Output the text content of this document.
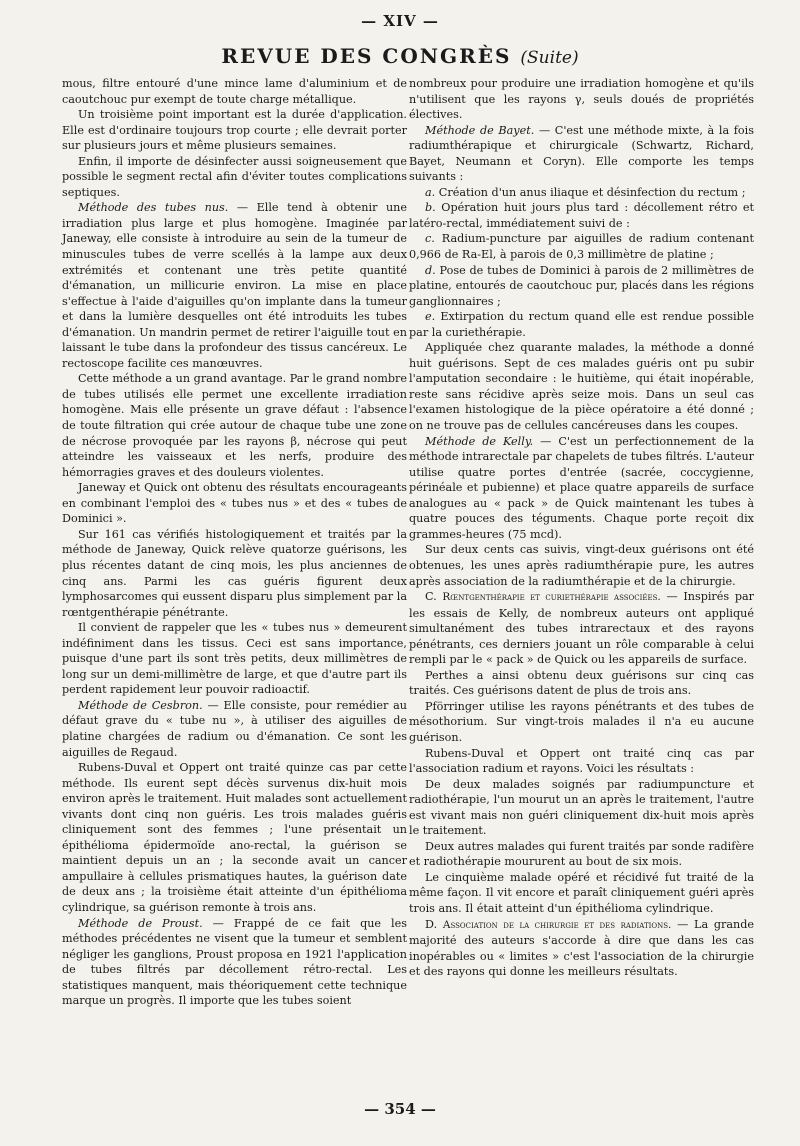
— XIV —
REVUE DES CONGRÈS (Suite)

mous, filtre entouré d'une mince lame d'aluminium et de caoutchouc pur exempt de toute charge métallique.

Un troisième point important est la durée d'application. Elle est d'ordinaire toujours trop courte ; elle devrait porter sur plusieurs jours et même plusieurs semaines.

Enfin, il importe de désinfecter aussi soigneusement que possible le segment rectal afin d'éviter toutes complications septiques.

Méthode des tubes nus. — Elle tend à obtenir une irradiation plus large et plus homogène. Imaginée par Janeway, elle consiste à introduire au sein de la tumeur de minuscules tubes de verre scellés à la lampe aux deux extrémités et contenant une très petite quantité d'émanation, un millicurie environ. La mise en place s'effectue à l'aide d'aiguilles qu'on implante dans la tumeur et dans la lumière desquelles ont été introduits les tubes d'émanation. Un mandrin permet de retirer l'aiguille tout en laissant le tube dans la profondeur des tissus cancéreux. Le rectoscope facilite ces manœuvres.

Cette méthode a un grand avantage. Par le grand nombre de tubes utilisés elle permet une excellente irradiation homogène. Mais elle présente un grave défaut : l'absence de toute filtration qui crée autour de chaque tube une zone de nécrose provoquée par les rayons β, nécrose qui peut atteindre les vaisseaux et les nerfs, produire des hémorragies graves et des douleurs violentes.

Janeway et Quick ont obtenu des résultats encourageants en combinant l'emploi des « tubes nus » et des « tubes de Dominici ».

Sur 161 cas vérifiés histologiquement et traités par la méthode de Janeway, Quick relève quatorze guérisons, les plus récentes datant de cinq mois, les plus anciennes de cinq ans. Parmi les cas guéris figurent deux lymphosarcomes qui eussent disparu plus simplement par la rœntgenthérapie pénétrante.

Il convient de rappeler que les « tubes nus » demeurent indéfiniment dans les tissus. Ceci est sans importance, puisque d'une part ils sont très petits, deux millimètres de long sur un demi-millimètre de large, et que d'autre part ils perdent rapidement leur pouvoir radioactif.

Méthode de Cesbron. — Elle consiste, pour remédier au défaut grave du « tube nu », à utiliser des aiguilles de platine chargées de radium ou d'émanation. Ce sont les aiguilles de Regaud.

Rubens-Duval et Oppert ont traité quinze cas par cette méthode. Ils eurent sept décès survenus dix-huit mois environ après le traitement. Huit malades sont actuellement vivants dont cinq non guéris. Les trois malades guéris cliniquement sont des femmes ; l'une présentait un épithélioma épidermoïde ano-rectal, la guérison se maintient depuis un an ; la seconde avait un cancer ampullaire à cellules prismatiques hautes, la guérison date de deux ans ; la troisième était atteinte d'un épithélioma cylindrique, sa guérison remonte à trois ans.

Méthode de Proust. — Frappé de ce fait que les méthodes précédentes ne visent que la tumeur et semblent négliger les ganglions, Proust proposa en 1921 l'application de tubes filtrés par décollement rétro-rectal. Les statistiques manquent, mais théoriquement cette technique marque un progrès. Il importe que les tubes soient

nombreux pour produire une irradiation homogène et qu'ils n'utilisent que les rayons γ, seuls doués de propriétés électives.

Méthode de Bayet. — C'est une méthode mixte, à la fois radiumthérapique et chirurgicale (Schwartz, Richard, Bayet, Neumann et Coryn). Elle comporte les temps suivants :

a. Création d'un anus iliaque et désinfection du rectum ;

b. Opération huit jours plus tard : décollement rétro et latéro-rectal, immédiatement suivi de :

c. Radium-puncture par aiguilles de radium contenant 0,966 de Ra-El, à parois de 0,3 millimètre de platine ;

d. Pose de tubes de Dominici à parois de 2 millimètres de platine, entourés de caoutchouc pur, placés dans les régions ganglionnaires ;

e. Extirpation du rectum quand elle est rendue possible par la curiethérapie.

Appliquée chez quarante malades, la méthode a donné huit guérisons. Sept de ces malades guéris ont pu subir l'amputation secondaire : le huitième, qui était inopérable, reste sans récidive après seize mois. Dans un seul cas l'examen histologique de la pièce opératoire a été donné ; on ne trouve pas de cellules cancéreuses dans les coupes.

Méthode de Kelly. — C'est un perfectionnement de la méthode intrarectale par chapelets de tubes filtrés. L'auteur utilise quatre portes d'entrée (sacrée, coccygienne, périnéale et pubienne) et place quatre appareils de surface analogues au « pack » de Quick maintenant les tubes à quatre pouces des téguments. Chaque porte reçoit dix grammes-heures (75 mcd).

Sur deux cents cas suivis, vingt-deux guérisons ont été obtenues, les unes après radiumthérapie pure, les autres après association de la radiumthérapie et de la chirurgie.

C. Rœntgenthérapie et curiethérapie associées. — Inspirés par les essais de Kelly, de nombreux auteurs ont appliqué simultanément des tubes intrarectaux et des rayons pénétrants, ces derniers jouant un rôle comparable à celui rempli par le « pack » de Quick ou les appareils de surface.

Perthes a ainsi obtenu deux guérisons sur cinq cas traités. Ces guérisons datent de plus de trois ans.

Pförringer utilise les rayons pénétrants et des tubes de mésothorium. Sur vingt-trois malades il n'a eu aucune guérison.

Rubens-Duval et Oppert ont traité cinq cas par l'association radium et rayons. Voici les résultats :

De deux malades soignés par radiumpuncture et radiothérapie, l'un mourut un an après le traitement, l'autre est vivant mais non guéri cliniquement dix-huit mois après le traitement.

Deux autres malades qui furent traités par sonde radifère et radiothérapie moururent au bout de six mois.

Le cinquième malade opéré et récidivé fut traité de la même façon. Il vit encore et paraît cliniquement guéri après trois ans. Il était atteint d'un épithélioma cylindrique.

D. Association de la chirurgie et des radiations. — La grande majorité des auteurs s'accorde à dire que dans les cas inopérables ou « limites » c'est l'association de la chirurgie et des rayons qui donne les meilleurs résultats.

— 354 —
